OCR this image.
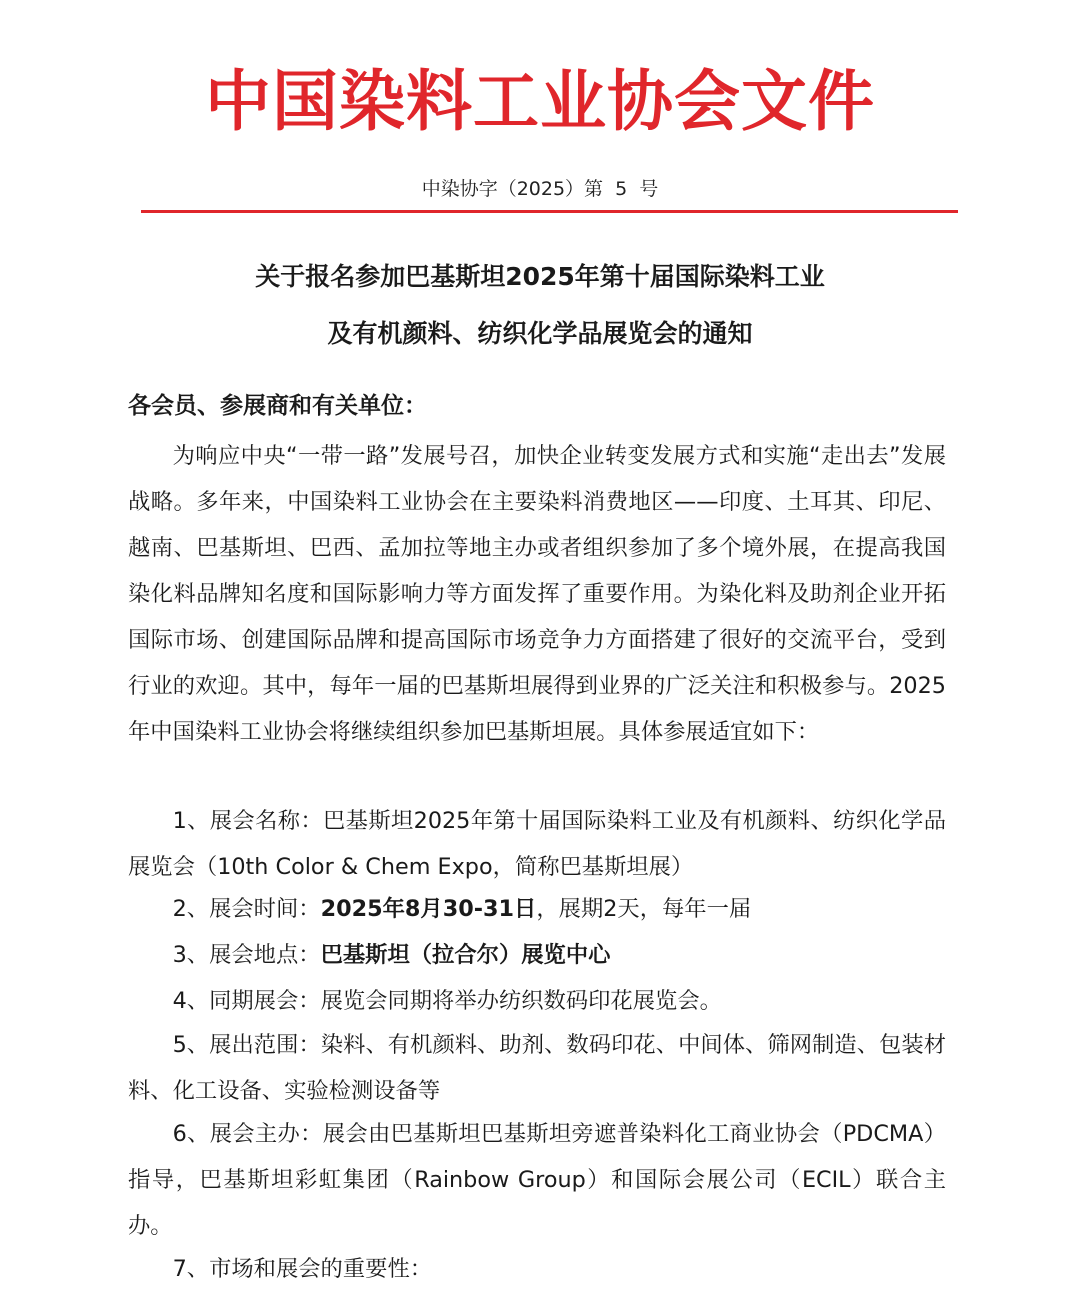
中国染料工业协会文件
中染协字（2025）第  5  号
关于报名参加巴基斯坦2025年第十届国际染料工业
及有机颜料、纺织化学品展览会的通知
各会员、参展商和有关单位：
为响应中央“一带一路”发展号召，加快企业转变发展方式和实施“走出去”发展战略。多年来，中国染料工业协会在主要染料消费地区——印度、土耳其、印尼、越南、巴基斯坦、巴西、孟加拉等地主办或者组织参加了多个境外展，在提高我国染化料品牌知名度和国际影响力等方面发挥了重要作用。为染化料及助剂企业开拓国际市场、创建国际品牌和提高国际市场竞争力方面搭建了很好的交流平台，受到行业的欢迎。其中，每年一届的巴基斯坦展得到业界的广泛关注和积极参与。2025年中国染料工业协会将继续组织参加巴基斯坦展。具体参展适宜如下：
1、展会名称：巴基斯坦2025年第十届国际染料工业及有机颜料、纺织化学品展览会（10th Color & Chem Expo，简称巴基斯坦展）
2、展会时间：2025年8月30-31日，展期2天，每年一届
3、展会地点：巴基斯坦（拉合尔）展览中心
4、同期展会：展览会同期将举办纺织数码印花展览会。
5、展出范围：染料、有机颜料、助剂、数码印花、中间体、筛网制造、包装材料、化工设备、实验检测设备等
6、展会主办：展会由巴基斯坦巴基斯坦旁遮普染料化工商业协会（PDCMA）指导，巴基斯坦彩虹集团（Rainbow Group）和国际会展公司（ECIL）联合主办。
7、市场和展会的重要性：
